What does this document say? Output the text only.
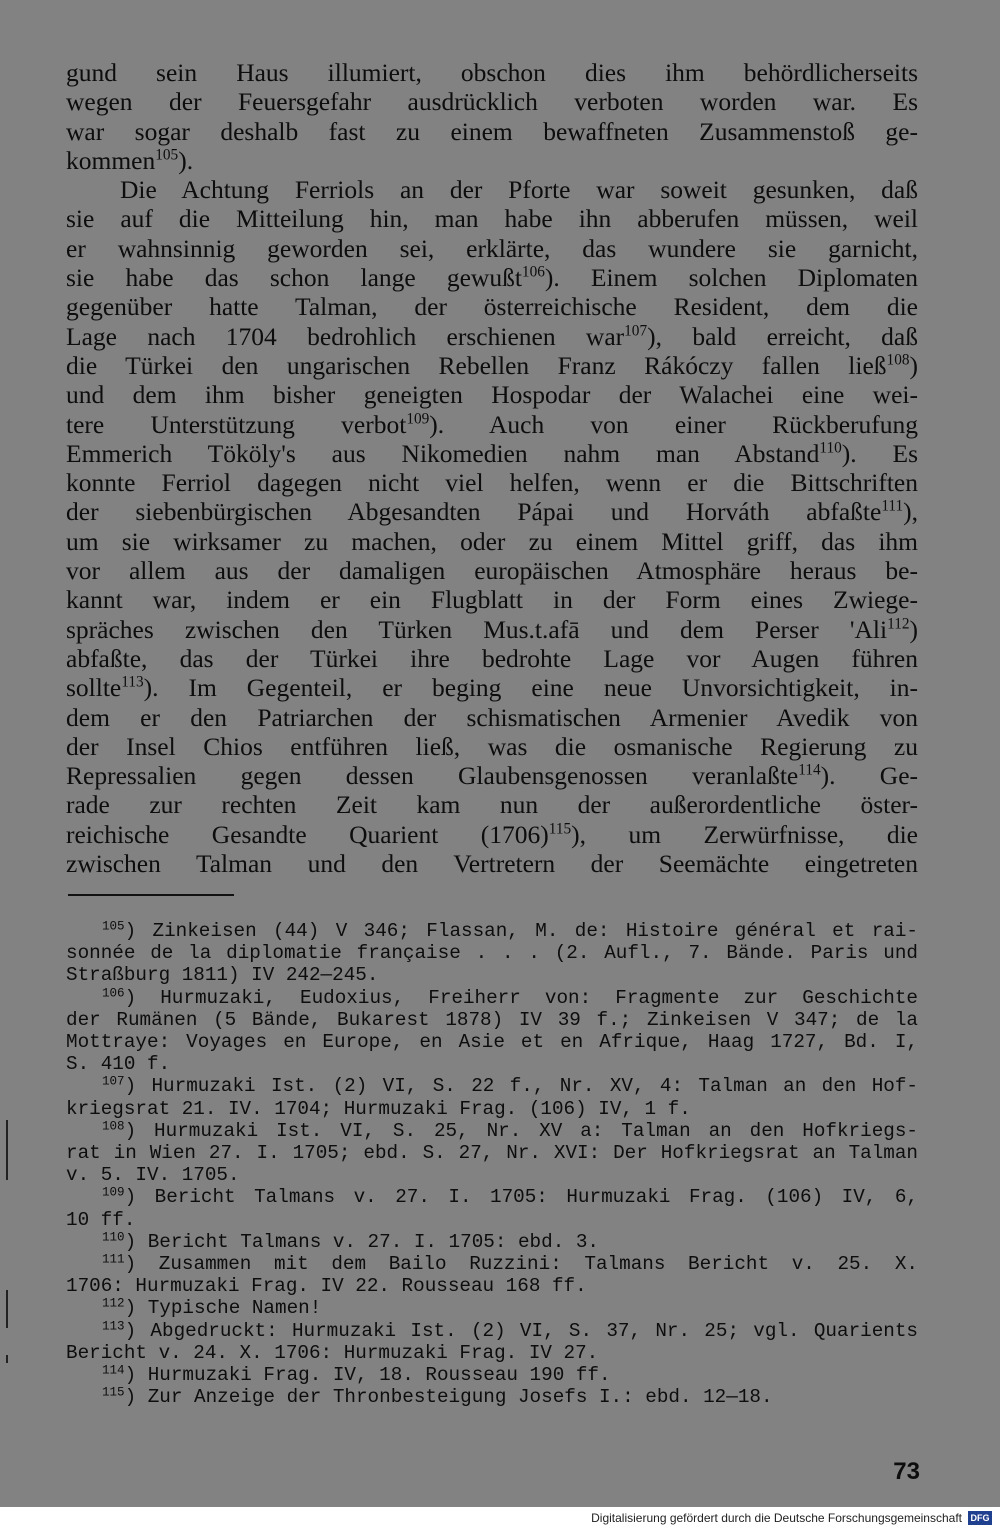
gund sein Haus illumiert, obschon dies ihm behördlicherseits
wegen der Feuersgefahr ausdrücklich verboten worden war. Es
war sogar deshalb fast zu einem bewaffneten Zusammenstoß ge-
kommen$^{105}$).
Die Achtung Ferriols an der Pforte war soweit gesunken, daß
sie auf die Mitteilung hin, man habe ihn abberufen müssen, weil
er wahnsinnig geworden sei, erklärte, das wundere sie garnicht,
sie habe das schon lange gewußt$^{106}$). Einem solchen Diplomaten
gegenüber hatte Talman, der österreichische Resident, dem die
Lage nach 1704 bedrohlich erschienen war$^{107}$), bald erreicht, daß
die Türkei den ungarischen Rebellen Franz Rákóczy fallen ließ$^{108}$)
und dem ihm bisher geneigten Hospodar der Walachei eine wei-
tere Unterstützung verbot$^{109}$). Auch von einer Rückberufung
Emmerich Tököly's aus Nikomedien nahm man Abstand$^{110}$). Es
konnte Ferriol dagegen nicht viel helfen, wenn er die Bittschriften
der siebenbürgischen Abgesandten Pápai und Horváth abfaßte$^{111}$),
um sie wirksamer zu machen, oder zu einem Mittel griff, das ihm
vor allem aus der damaligen europäischen Atmosphäre heraus be-
kannt war, indem er ein Flugblatt in der Form eines Zwiege-
spräches zwischen den Türken Mus.t.afā und dem Perser 'Ali$^{112}$)
abfaßte, das der Türkei ihre bedrohte Lage vor Augen führen
sollte$^{113}$). Im Gegenteil, er beging eine neue Unvorsichtigkeit, in-
dem er den Patriarchen der schismatischen Armenier Avedik von
der Insel Chios entführen ließ, was die osmanische Regierung zu
Repressalien gegen dessen Glaubensgenossen veranlaßte$^{114}$). Ge-
rade zur rechten Zeit kam nun der außerordentliche öster-
reichische Gesandte Quarient $(1706)^{115}$), um Zerwürfnisse, die
zwischen Talman und den Vertretern der Seemächte eingetreten
$^{105}$) Zinkeisen (44) V 346; Flassan, M. de: Histoire général et rai-
sonnée de la diplomatie française . . . (2. Aufl., 7. Bände. Paris und
Straßburg 1811) IV 242—245.
$^{106}$) Hurmuzaki, Eudoxius, Freiherr von: Fragmente zur Geschichte
der Rumänen (5 Bände, Bukarest 1878) IV 39 f.; Zinkeisen V 347; de la
Mottraye: Voyages en Europe, en Asie et en Afrique, Haag 1727, Bd. I,
S. 410 f.
$^{107}$) Hurmuzaki Ist. (2) VI, S. 22 f., Nr. XV, 4: Talman an den Hof-
kriegsrat 21. IV. 1704; Hurmuzaki Frag. (106) IV, 1 f.
$^{108}$) Hurmuzaki Ist. VI, S. 25, Nr. XV a: Talman an den Hofkriegs-
rat in Wien 27. I. 1705; ebd. S. 27, Nr. XVI: Der Hofkriegsrat an Talman
v. 5. IV. 1705.
$^{109}$) Bericht Talmans v. 27. I. 1705: Hurmuzaki Frag. (106) IV, 6,
10 ff.
$^{110}$) Bericht Talmans v. 27. I. 1705: ebd. 3.
$^{111}$) Zusammen mit dem Bailo Ruzzini: Talmans Bericht v. 25. X.
1706: Hurmuzaki Frag. IV 22. Rousseau 168 ff.
$^{112}$) Typische Namen!
$^{113}$) Abgedruckt: Hurmuzaki Ist. (2) VI, S. 37, Nr. 25; vgl. Quarients
Bericht v. 24. X. 1706: Hurmuzaki Frag. IV 27.
$^{114}$) Hurmuzaki Frag. IV, 18. Rousseau 190 ff.
$^{115}$) Zur Anzeige der Thronbesteigung Josefs I.: ebd. 12—18.
73
Digitalisierung gefördert durch die Deutsche Forschungsgemeinschaft DFG
